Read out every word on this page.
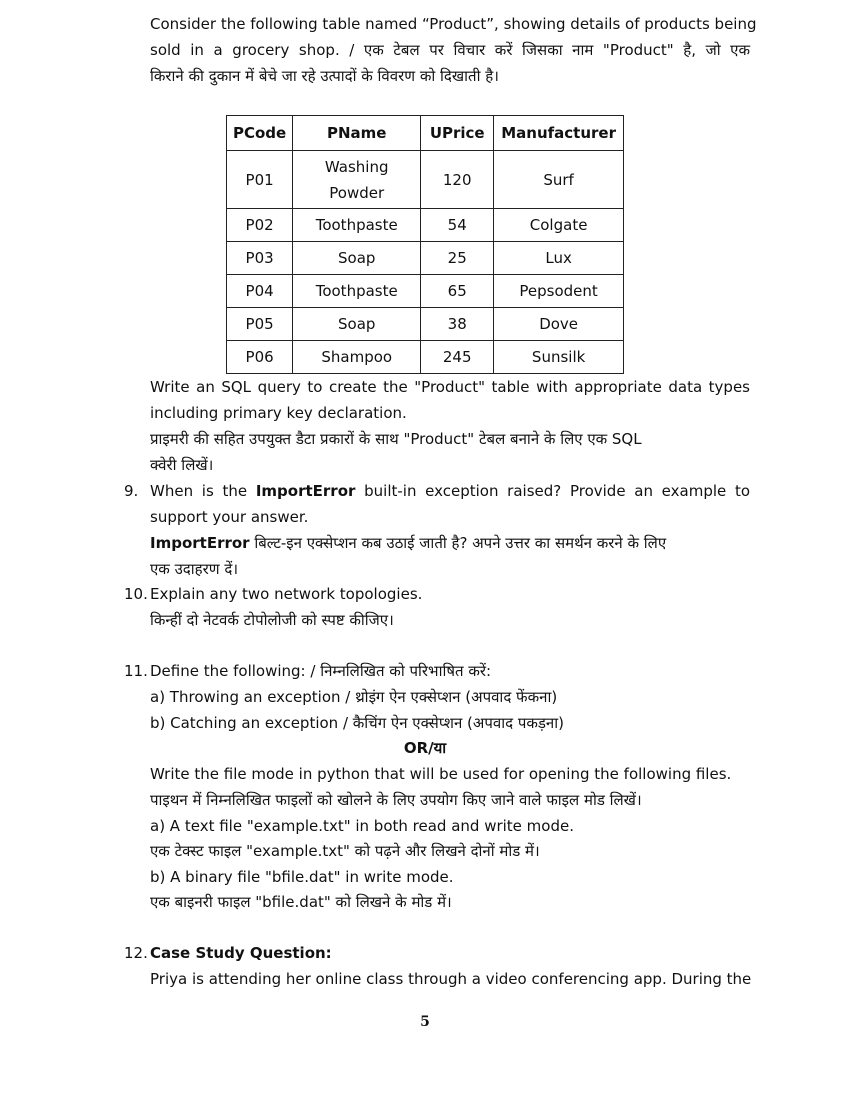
Consider the following table named “Product”, showing details of products being
sold in a grocery shop. / एक टेबल पर विचार करें जिसका नाम "Product" है, जो एक
किराने की दुकान में बेचे जा रहे उत्पादों के विवरण को दिखाती है।
PCode	PName	UPrice	Manufacturer
P01	Washing Powder	120	Surf
P02	Toothpaste	54	Colgate
P03	Soap	25	Lux
P04	Toothpaste	65	Pepsodent
P05	Soap	38	Dove
P06	Shampoo	245	Sunsilk
Write an SQL query to create the "Product" table with appropriate data types
including primary key declaration.
प्राइमरी की सहित उपयुक्त डैटा प्रकारों के साथ "Product" टेबल बनाने के लिए एक SQL
क्वेरी लिखें।
9. When is the ImportError built-in exception raised? Provide an example to
support your answer.
ImportError बिल्ट-इन एक्सेप्शन कब उठाई जाती है? अपने उत्तर का समर्थन करने के लिए
एक उदाहरण दें।
10. Explain any two network topologies.
किन्हीं दो नेटवर्क टोपोलोजी को स्पष्ट कीजिए।
11. Define the following: / निम्नलिखित को परिभाषित करें:
a) Throwing an exception / थ्रोइंग ऐन एक्सेप्शन (अपवाद फेंकना)
b) Catching an exception / कैचिंग ऐन एक्सेप्शन (अपवाद पकड़ना)
OR/या
Write the file mode in python that will be used for opening the following files.
पाइथन में निम्नलिखित फाइलों को खोलने के लिए उपयोग किए जाने वाले फाइल मोड लिखें।
a) A text file "example.txt" in both read and write mode.
एक टेक्स्ट फाइल "example.txt" को पढ़ने और लिखने दोनों मोड में।
b) A binary file "bfile.dat" in write mode.
एक बाइनरी फाइल "bfile.dat" को लिखने के मोड में।
12. Case Study Question:
Priya is attending her online class through a video conferencing app. During the
5
